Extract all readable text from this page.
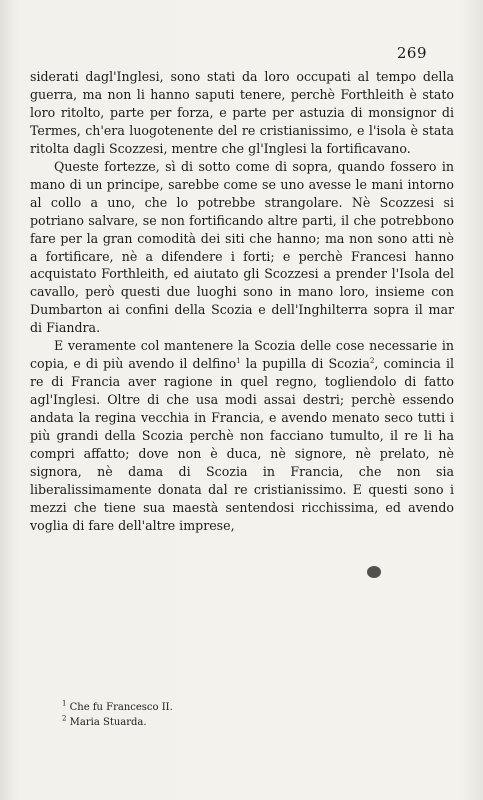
269

siderati dagl'Inglesi, sono stati da loro occupati al tempo della guerra, ma non li hanno saputi tenere, perchè Forthleith è stato loro ritolto, parte per forza, e parte per astuzia di monsignor di Termes, ch'era luogotenente del re cristianissimo, e l'isola è stata ritolta dagli Scozzesi, mentre che gl'Inglesi la fortificavano.

Queste fortezze, sì di sotto come di sopra, quando fossero in mano di un principe, sarebbe come se uno avesse le mani intorno al collo a uno, che lo potrebbe strangolare. Nè Scozzesi si potriano salvare, se non fortificando altre parti, il che potrebbono fare per la gran comodità dei siti che hanno; ma non sono atti nè a fortificare, nè a difendere i forti; e perchè Francesi hanno acquistato Forthleith, ed aiutato gli Scozzesi a prender l'Isola del cavallo, però questi due luoghi sono in mano loro, insieme con Dumbarton ai confini della Scozia e dell'Inghilterra sopra il mar di Fiandra.

E veramente col mantenere la Scozia delle cose necessarie in copia, e di più avendo il delfino$^1$ la pupilla di Scozia$^2$, comincia il re di Francia aver ragione in quel regno, togliendolo di fatto agl'Inglesi. Oltre di che usa modi assai destri; perchè essendo andata la regina vecchia in Francia, e avendo menato seco tutti i più grandi della Scozia perchè non facciano tumulto, il re li ha compri affatto; dove non è duca, nè signore, nè prelato, nè signora, nè dama di Scozia in Francia, che non sia liberalissimamente donata dal re cristianissimo. E questi sono i mezzi che tiene sua maestà sentendosi ricchissima, ed avendo voglia di fare dell'altre imprese,

$^1$ Che fu Francesco II.
$^2$ Maria Stuarda.
